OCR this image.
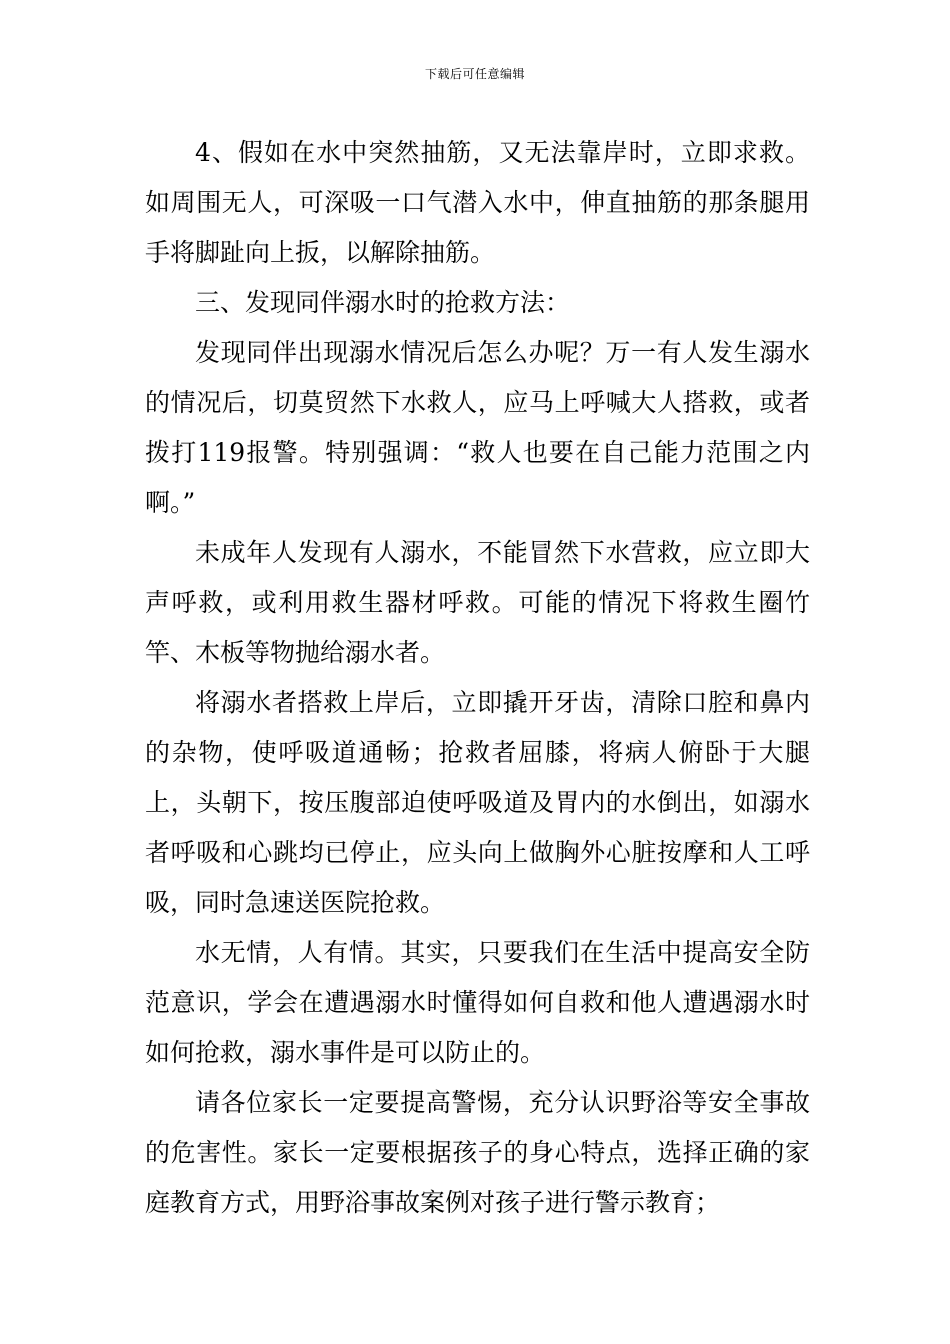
下载后可任意编辑

4、假如在水中突然抽筋，又无法靠岸时，立即求救。如周围无人，可深吸一口气潜入水中，伸直抽筋的那条腿用手将脚趾向上扳，以解除抽筋。

三、发现同伴溺水时的抢救方法：

发现同伴出现溺水情况后怎么办呢？万一有人发生溺水的情况后，切莫贸然下水救人，应马上呼喊大人搭救，或者拨打119报警。特别强调：“救人也要在自己能力范围之内啊。”

未成年人发现有人溺水，不能冒然下水营救，应立即大声呼救，或利用救生器材呼救。可能的情况下将救生圈竹竿、木板等物抛给溺水者。

将溺水者搭救上岸后，立即撬开牙齿，清除口腔和鼻内的杂物，使呼吸道通畅；抢救者屈膝，将病人俯卧于大腿上，头朝下，按压腹部迫使呼吸道及胃内的水倒出，如溺水者呼吸和心跳均已停止，应头向上做胸外心脏按摩和人工呼吸，同时急速送医院抢救。

水无情，人有情。其实，只要我们在生活中提高安全防范意识，学会在遭遇溺水时懂得如何自救和他人遭遇溺水时如何抢救，溺水事件是可以防止的。

请各位家长一定要提高警惕，充分认识野浴等安全事故的危害性。家长一定要根据孩子的身心特点，选择正确的家庭教育方式，用野浴事故案例对孩子进行警示教育；
